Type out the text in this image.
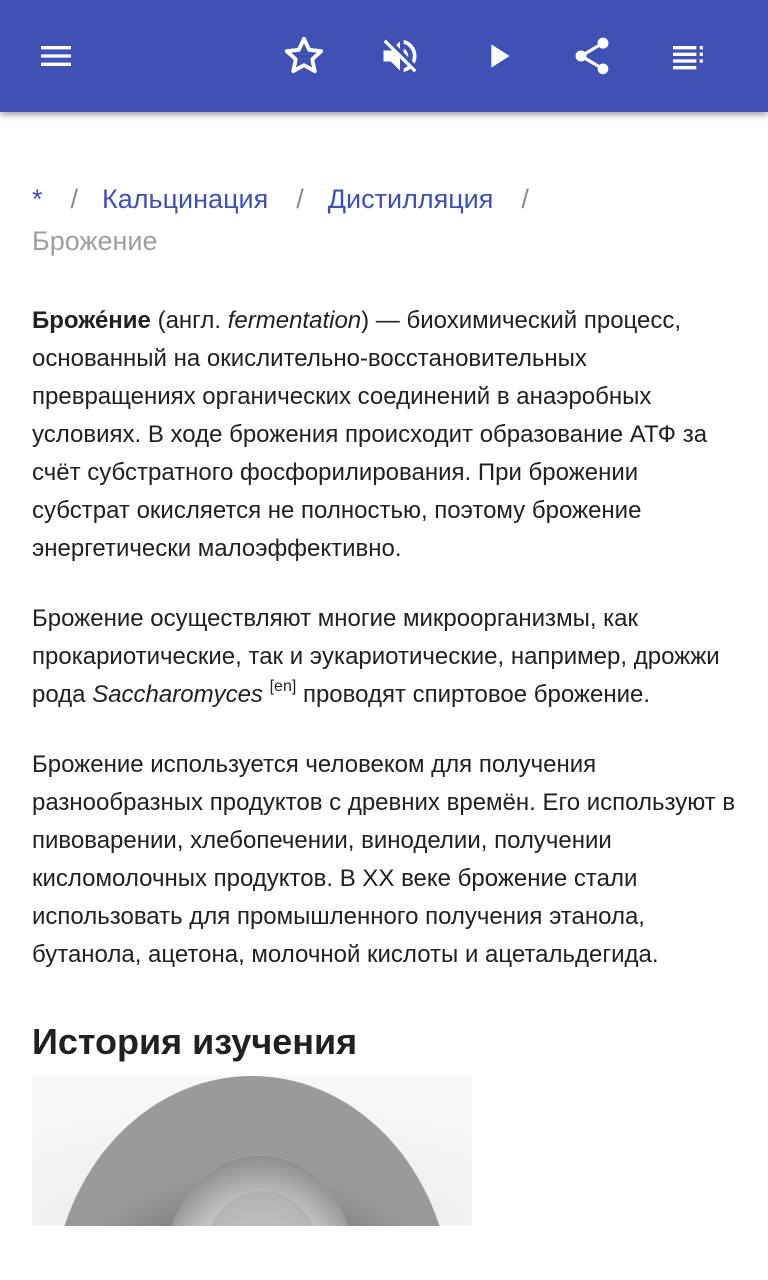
* / Кальцинация / Дистилляция /
Брожение

Броже́ние (англ. fermentation) — биохимический процесс, основанный на окислительно-восстановительных превращениях органических соединений в анаэробных условиях. В ходе брожения происходит образование АТФ за счёт субстратного фосфорилирования. При брожении субстрат окисляется не полностью, поэтому брожение энергетически малоэффективно.

Брожение осуществляют многие микроорганизмы, как прокариотические, так и эукариотические, например, дрожжи рода Saccharomyces [en] проводят спиртовое брожение.

Брожение используется человеком для получения разнообразных продуктов с древних времён. Его используют в пивоварении, хлебопечении, виноделии, получении кисломолочных продуктов. В XX веке брожение стали использовать для промышленного получения этанола, бутанола, ацетона, молочной кислоты и ацетальдегида.

История изучения
